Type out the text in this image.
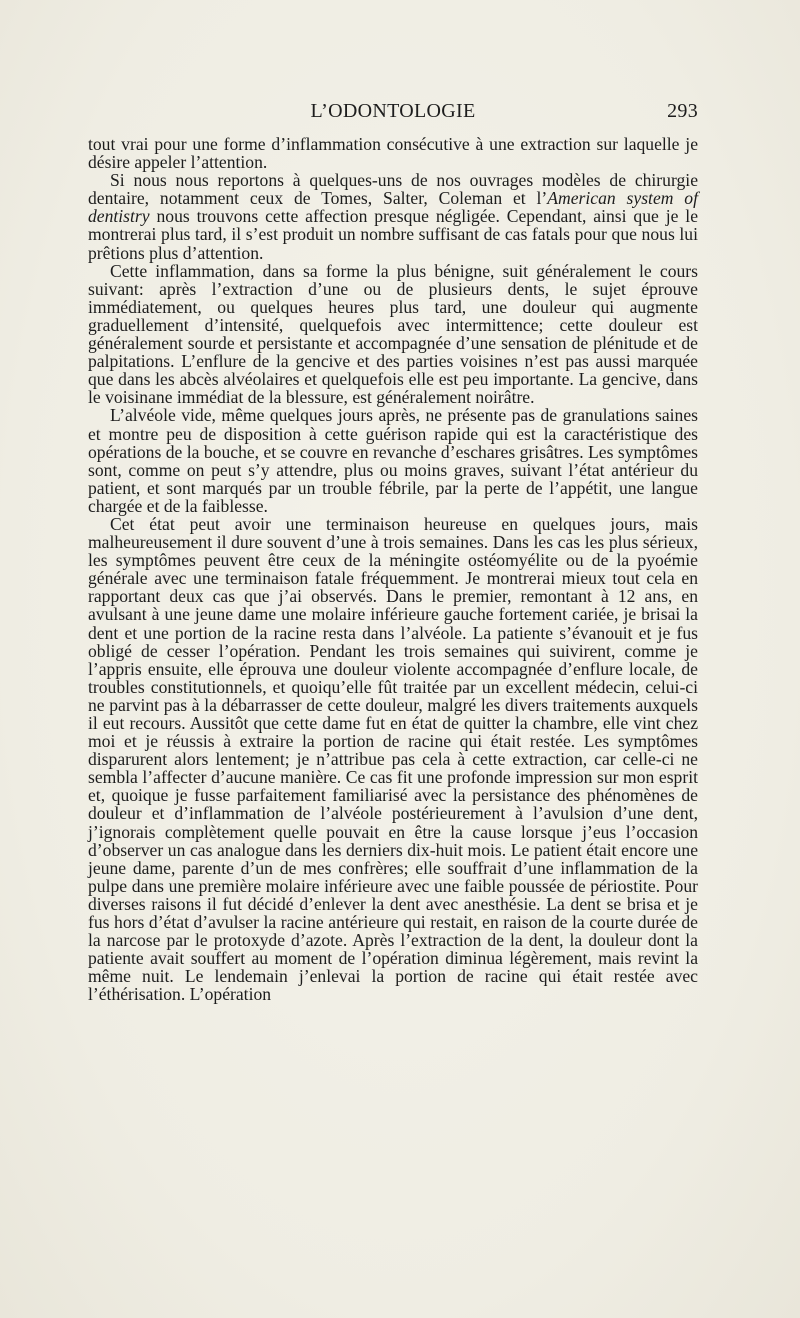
L’ODONTOLOGIE	293

tout vrai pour une forme d’inflammation consécutive à une extraction sur laquelle je désire appeler l’attention.

Si nous nous reportons à quelques-uns de nos ouvrages modèles de chirurgie dentaire, notamment ceux de Tomes, Salter, Coleman et l’American system of dentistry nous trouvons cette affection presque négligée. Cependant, ainsi que je le montrerai plus tard, il s’est produit un nombre suffisant de cas fatals pour que nous lui prêtions plus d’attention.

Cette inflammation, dans sa forme la plus bénigne, suit généralement le cours suivant: après l’extraction d’une ou de plusieurs dents, le sujet éprouve immédiatement, ou quelques heures plus tard, une douleur qui augmente graduellement d’intensité, quelquefois avec intermittence; cette douleur est généralement sourde et persistante et accompagnée d’une sensation de plénitude et de palpitations. L’enflure de la gencive et des parties voisines n’est pas aussi marquée que dans les abcès alvéolaires et quelquefois elle est peu importante. La gencive, dans le voisinane immédiat de la blessure, est généralement noirâtre.

L’alvéole vide, même quelques jours après, ne présente pas de granulations saines et montre peu de disposition à cette guérison rapide qui est la caractéristique des opérations de la bouche, et se couvre en revanche d’eschares grisâtres. Les symptômes sont, comme on peut s’y attendre, plus ou moins graves, suivant l’état antérieur du patient, et sont marqués par un trouble fébrile, par la perte de l’appétit, une langue chargée et de la faiblesse.

Cet état peut avoir une terminaison heureuse en quelques jours, mais malheureusement il dure souvent d’une à trois semaines. Dans les cas les plus sérieux, les symptômes peuvent être ceux de la méningite ostéomyélite ou de la pyoémie générale avec une terminaison fatale fréquemment. Je montrerai mieux tout cela en rapportant deux cas que j’ai observés. Dans le premier, remontant à 12 ans, en avulsant à une jeune dame une molaire inférieure gauche fortement cariée, je brisai la dent et une portion de la racine resta dans l’alvéole. La patiente s’évanouit et je fus obligé de cesser l’opération. Pendant les trois semaines qui suivirent, comme je l’appris ensuite, elle éprouva une douleur violente accompagnée d’enflure locale, de troubles constitutionnels, et quoiqu’elle fût traitée par un excellent médecin, celui-ci ne parvint pas à la débarrasser de cette douleur, malgré les divers traitements auxquels il eut recours. Aussitôt que cette dame fut en état de quitter la chambre, elle vint chez moi et je réussis à extraire la portion de racine qui était restée. Les symptômes disparurent alors lentement; je n’attribue pas cela à cette extraction, car celle-ci ne sembla l’affecter d’aucune manière. Ce cas fit une profonde impression sur mon esprit et, quoique je fusse parfaitement familiarisé avec la persistance des phénomènes de douleur et d’inflammation de l’alvéole postérieurement à l’avulsion d’une dent, j’ignorais complètement quelle pouvait en être la cause lorsque j’eus l’occasion d’observer un cas analogue dans les derniers dix-huit mois. Le patient était encore une jeune dame, parente d’un de mes confrères; elle souffrait d’une inflammation de la pulpe dans une première molaire inférieure avec une faible poussée de périostite. Pour diverses raisons il fut décidé d’enlever la dent avec anesthésie. La dent se brisa et je fus hors d’état d’avulser la racine antérieure qui restait, en raison de la courte durée de la narcose par le protoxyde d’azote. Après l’extraction de la dent, la douleur dont la patiente avait souffert au moment de l’opération diminua légèrement, mais revint la même nuit. Le lendemain j’enlevai la portion de racine qui était restée avec l’éthérisation. L’opération
